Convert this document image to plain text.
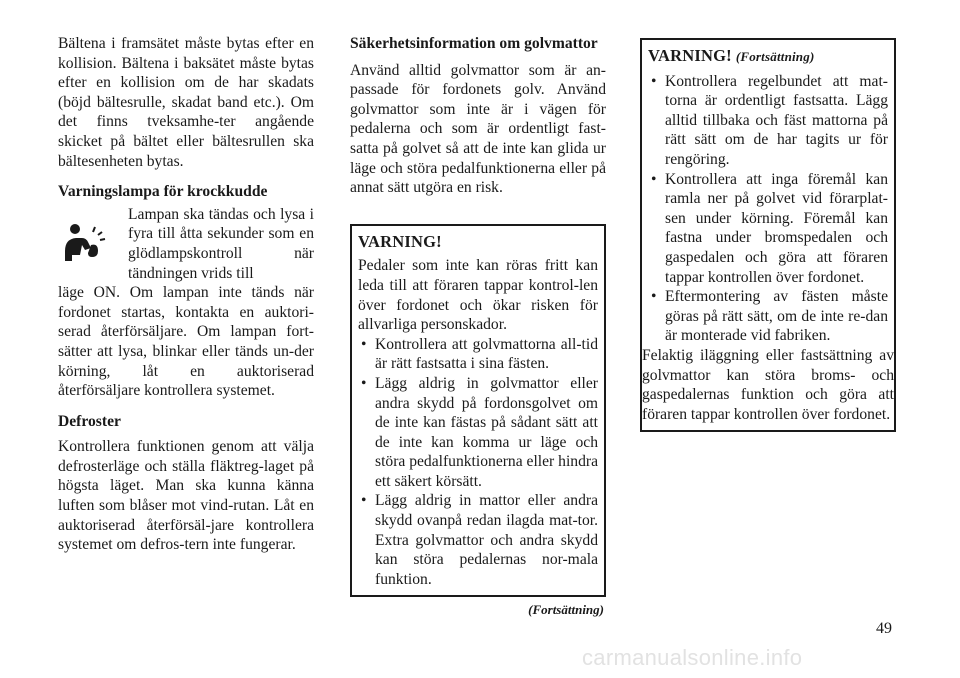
Bältena i framsätet måste bytas efter en kollision. Bältena i baksätet måste bytas efter en kollision om de har skadats (böjd bältesrulle, skadat band etc.). Om det finns tveksamhe-ter angående skicket på bältet eller bältesrullen ska bältesenheten bytas.

Varningslampa för krockkudde

Lampan ska tändas och lysa i fyra till åtta sekunder som en glödlampskontroll när tändningen vrids till

läge ON. Om lampan inte tänds när fordonet startas, kontakta en auktori-serad återförsäljare. Om lampan fort-sätter att lysa, blinkar eller tänds un-der körning, låt en auktoriserad återförsäljare kontrollera systemet.

Defroster

Kontrollera funktionen genom att välja defrosterläge och ställa fläktreg-laget på högsta läget. Man ska kunna känna luften som blåser mot vind-rutan. Låt en auktoriserad återförsäl-jare kontrollera systemet om defros-tern inte fungerar.

Säkerhetsinformation om golvmattor

Använd alltid golvmattor som är an-passade för fordonets golv. Använd golvmattor som inte är i vägen för pedalerna och som är ordentligt fast-satta på golvet så att de inte kan glida ur läge och störa pedalfunktionerna eller på annat sätt utgöra en risk.

VARNING!

Pedaler som inte kan röras fritt kan leda till att föraren tappar kontrol-len över fordonet och ökar risken för allvarliga personskador.

• Kontrollera att golvmattorna all-tid är rätt fastsatta i sina fästen.
• Lägg aldrig in golvmattor eller andra skydd på fordonsgolvet om de inte kan fästas på sådant sätt att de inte kan komma ur läge och störa pedalfunktionerna eller hindra ett säkert körsätt.
• Lägg aldrig in mattor eller andra skydd ovanpå redan ilagda mat-tor. Extra golvmattor och andra skydd kan störa pedalernas nor-mala funktion.
(Fortsättning)
VARNING! (Fortsättning)
• Kontrollera regelbundet att mat-torna är ordentligt fastsatta. Lägg alltid tillbaka och fäst mattorna på rätt sätt om de har tagits ur för rengöring.
• Kontrollera att inga föremål kan ramla ner på golvet vid förarplat-sen under körning. Föremål kan fastna under bromspedalen och gaspedalen och göra att föraren tappar kontrollen över fordonet.
• Eftermontering av fästen måste göras på rätt sätt, om de inte re-dan är monterade vid fabriken.

Felaktig iläggning eller fastsättning av golvmattor kan störa broms- och gaspedalernas funktion och göra att föraren tappar kontrollen över fordonet.

49
carmanualsonline.info
